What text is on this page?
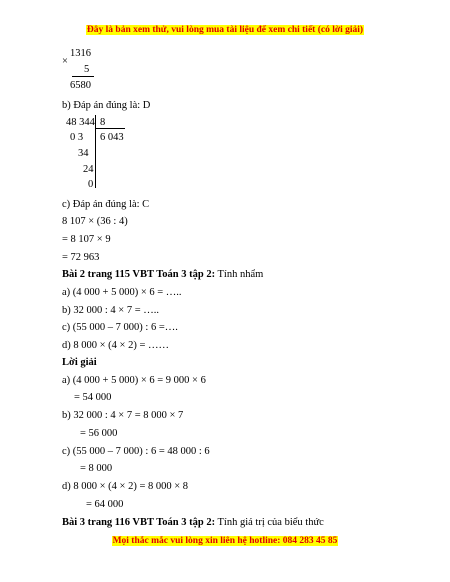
Đây là bản xem thử, vui lòng mua tài liệu để xem chi tiết (có lời giải)
1316
×
5
6580
b) Đáp án đúng là: D
48 344 8
6 043
0 3
34
24
0
c) Đáp án đúng là: C
8 107 × (36 : 4)
= 8 107 × 9
= 72 963
Bài 2 trang 115 VBT Toán 3 tập 2: Tính nhẩm
a) (4 000 + 5 000) × 6 = …..
b) 32 000 : 4 × 7 = …..
c) (55 000 – 7 000) : 6 =….
d) 8 000 × (4 × 2) = ……
Lời giải
a) (4 000 + 5 000) × 6 = 9 000 × 6
= 54 000
b) 32 000 : 4 × 7 = 8 000 × 7
= 56 000
c) (55 000 – 7 000) : 6 = 48 000 : 6
= 8 000
d) 8 000 × (4 × 2) = 8 000 × 8
= 64 000
Bài 3 trang 116 VBT Toán 3 tập 2: Tính giá trị của biểu thức
Mọi thắc mắc vui lòng xin liên hệ hotline: 084 283 45 85
